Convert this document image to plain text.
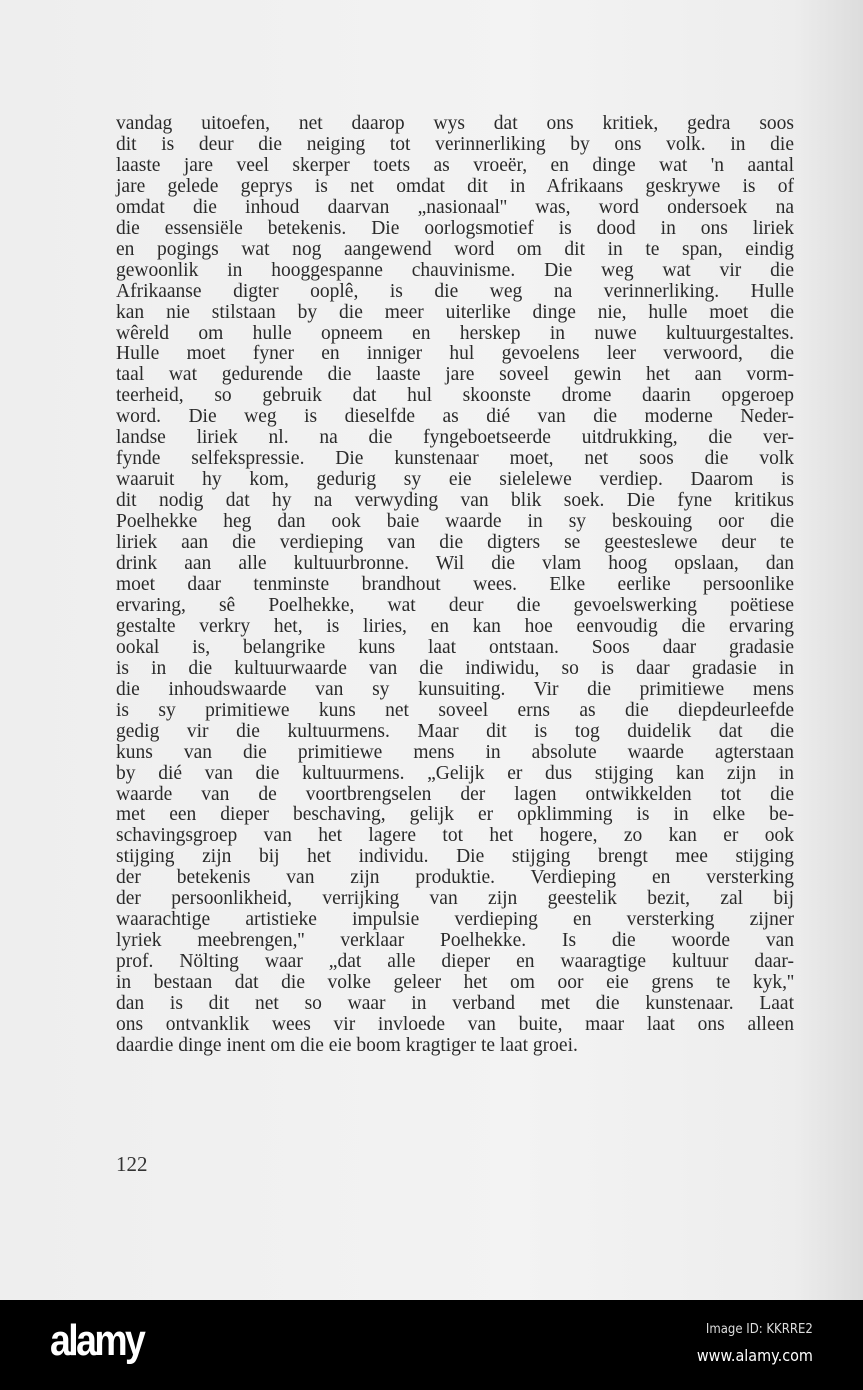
vandag uitoefen, net daarop wys dat ons kritiek, gedra soos
dit is deur die neiging tot verinnerliking by ons volk. in die
laaste jare veel skerper toets as vroeër, en dinge wat 'n aantal
jare gelede geprys is net omdat dit in Afrikaans geskrywe is of
omdat die inhoud daarvan „nasionaal'' was, word ondersoek na
die essensiële betekenis. Die oorlogsmotief is dood in ons liriek
en pogings wat nog aangewend word om dit in te span, eindig
gewoonlik in hooggespanne chauvinisme. Die weg wat vir die
Afrikaanse digter ooplê, is die weg na verinnerliking. Hulle
kan nie stilstaan by die meer uiterlike dinge nie, hulle moet die
wêreld om hulle opneem en herskep in nuwe kultuurgestaltes.
Hulle moet fyner en inniger hul gevoelens leer verwoord, die
taal wat gedurende die laaste jare soveel gewin het aan vorm-
teerheid, so gebruik dat hul skoonste drome daarin opgeroep
word. Die weg is dieselfde as dié van die moderne Neder-
landse liriek nl. na die fyngeboetseerde uitdrukking, die ver-
fynde selfekspressie. Die kunstenaar moet, net soos die volk
waaruit hy kom, gedurig sy eie sielelewe verdiep. Daarom is
dit nodig dat hy na verwyding van blik soek. Die fyne kritikus
Poelhekke heg dan ook baie waarde in sy beskouing oor die
liriek aan die verdieping van die digters se geesteslewe deur te
drink aan alle kultuurbronne. Wil die vlam hoog opslaan, dan
moet daar tenminste brandhout wees. Elke eerlike persoonlike
ervaring, sê Poelhekke, wat deur die gevoelswerking poëtiese
gestalte verkry het, is liries, en kan hoe eenvoudig die ervaring
ookal is, belangrike kuns laat ontstaan. Soos daar gradasie
is in die kultuurwaarde van die indiwidu, so is daar gradasie in
die inhoudswaarde van sy kunsuiting. Vir die primitiewe mens
is sy primitiewe kuns net soveel erns as die diepdeurleefde
gedig vir die kultuurmens. Maar dit is tog duidelik dat die
kuns van die primitiewe mens in absolute waarde agterstaan
by dié van die kultuurmens. „Gelijk er dus stijging kan zijn in
waarde van de voortbrengselen der lagen ontwikkelden tot die
met een dieper beschaving, gelijk er opklimming is in elke be-
schavingsgroep van het lagere tot het hogere, zo kan er ook
stijging zijn bij het individu. Die stijging brengt mee stijging
der betekenis van zijn produktie. Verdieping en versterking
der persoonlikheid, verrijking van zijn geestelik bezit, zal bij
waarachtige artistieke impulsie verdieping en versterking zijner
lyriek meebrengen,'' verklaar Poelhekke. Is die woorde van
prof. Nölting waar „dat alle dieper en waaragtige kultuur daar-
in bestaan dat die volke geleer het om oor eie grens te kyk,''
dan is dit net so waar in verband met die kunstenaar. Laat
ons ontvanklik wees vir invloede van buite, maar laat ons alleen
daardie dinge inent om die eie boom kragtiger te laat groei.
122
alamy	Image ID: KKRRE2
www.alamy.com
